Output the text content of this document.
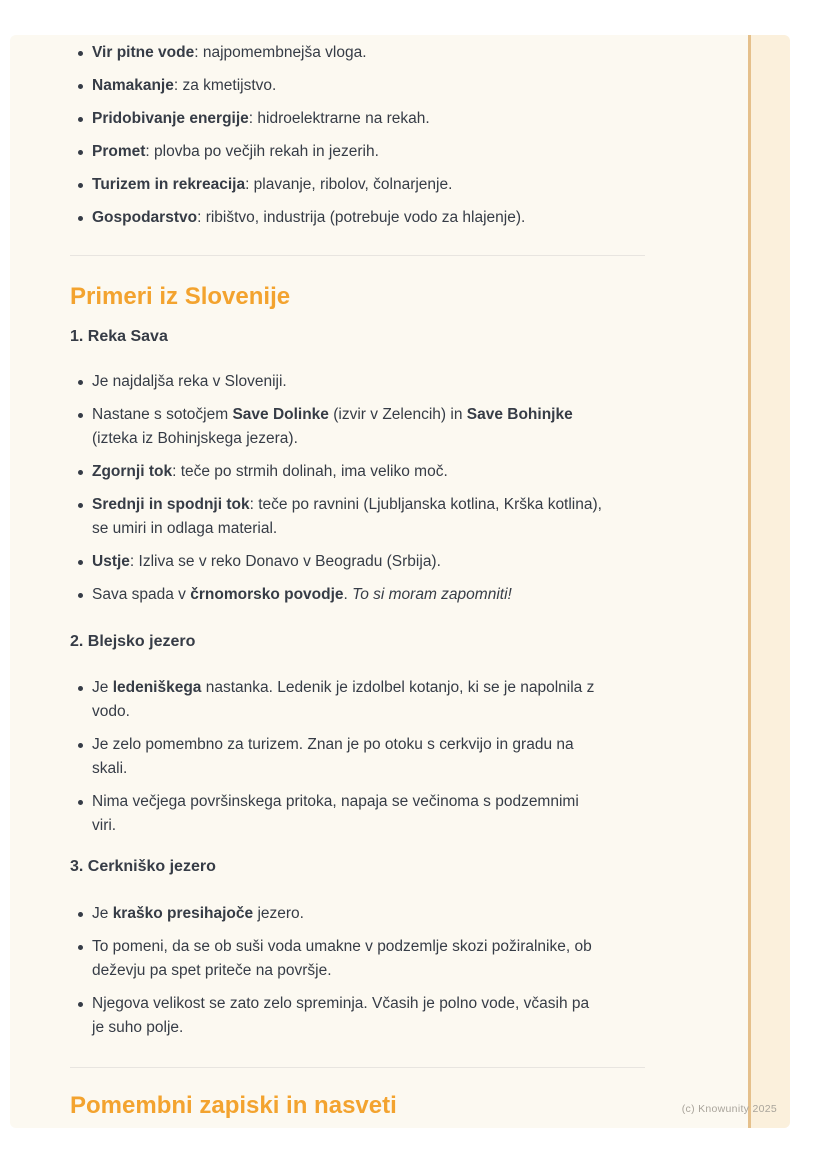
Vir pitne vode: najpomembnejša vloga.
Namakanje: za kmetijstvo.
Pridobivanje energije: hidroelektrarne na rekah.
Promet: plovba po večjih rekah in jezerih.
Turizem in rekreacija: plavanje, ribolov, čolnarjenje.
Gospodarstvo: ribištvo, industrija (potrebuje vodo za hlajenje).
Primeri iz Slovenije
1. Reka Sava
Je najdaljša reka v Sloveniji.
Nastane s sotočjem Save Dolinke (izvir v Zelencih) in Save Bohinjke (izteka iz Bohinjskega jezera).
Zgornji tok: teče po strmih dolinah, ima veliko moč.
Srednji in spodnji tok: teče po ravnini (Ljubljanska kotlina, Krška kotlina), se umiri in odlaga material.
Ustje: Izliva se v reko Donavo v Beogradu (Srbija).
Sava spada v črnomorsko povodje. To si moram zapomniti!
2. Blejsko jezero
Je ledeniškega nastanka. Ledenik je izdolbel kotanjo, ki se je napolnila z vodo.
Je zelo pomembno za turizem. Znan je po otoku s cerkvijo in gradu na skali.
Nima večjega površinskega pritoka, napaja se večinoma s podzemnimi viri.
3. Cerkniško jezero
Je kraško presihajoče jezero.
To pomeni, da se ob suši voda umakne v podzemlje skozi požiralnike, ob deževju pa spet priteče na površje.
Njegova velikost se zato zelo spreminja. Včasih je polno vode, včasih pa je suho polje.
Pomembni zapiski in nasveti	(c) Knowunity 2025
